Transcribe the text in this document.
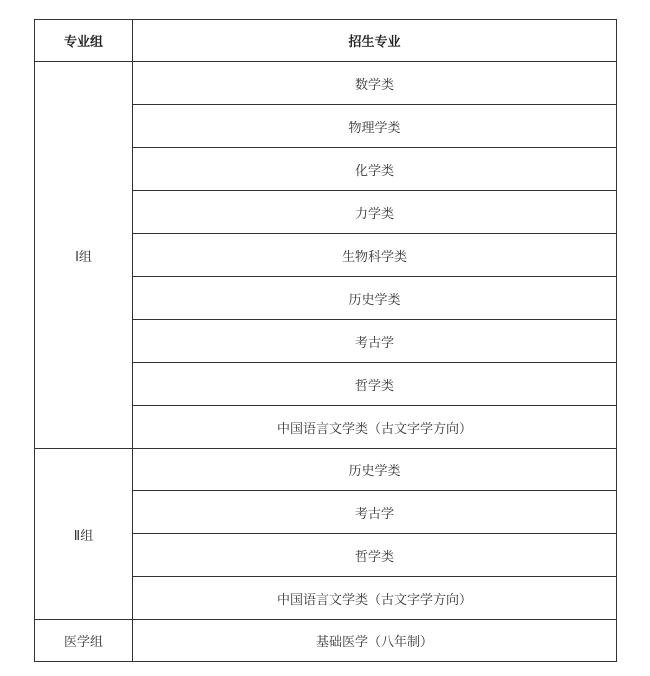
专业组	招生专业
Ⅰ组	数学类
	物理学类
	化学类
	力学类
	生物科学类
	历史学类
	考古学
	哲学类
	中国语言文学类（古文字学方向）
Ⅱ组	历史学类
	考古学
	哲学类
	中国语言文学类（古文字学方向）
医学组	基础医学（八年制）
